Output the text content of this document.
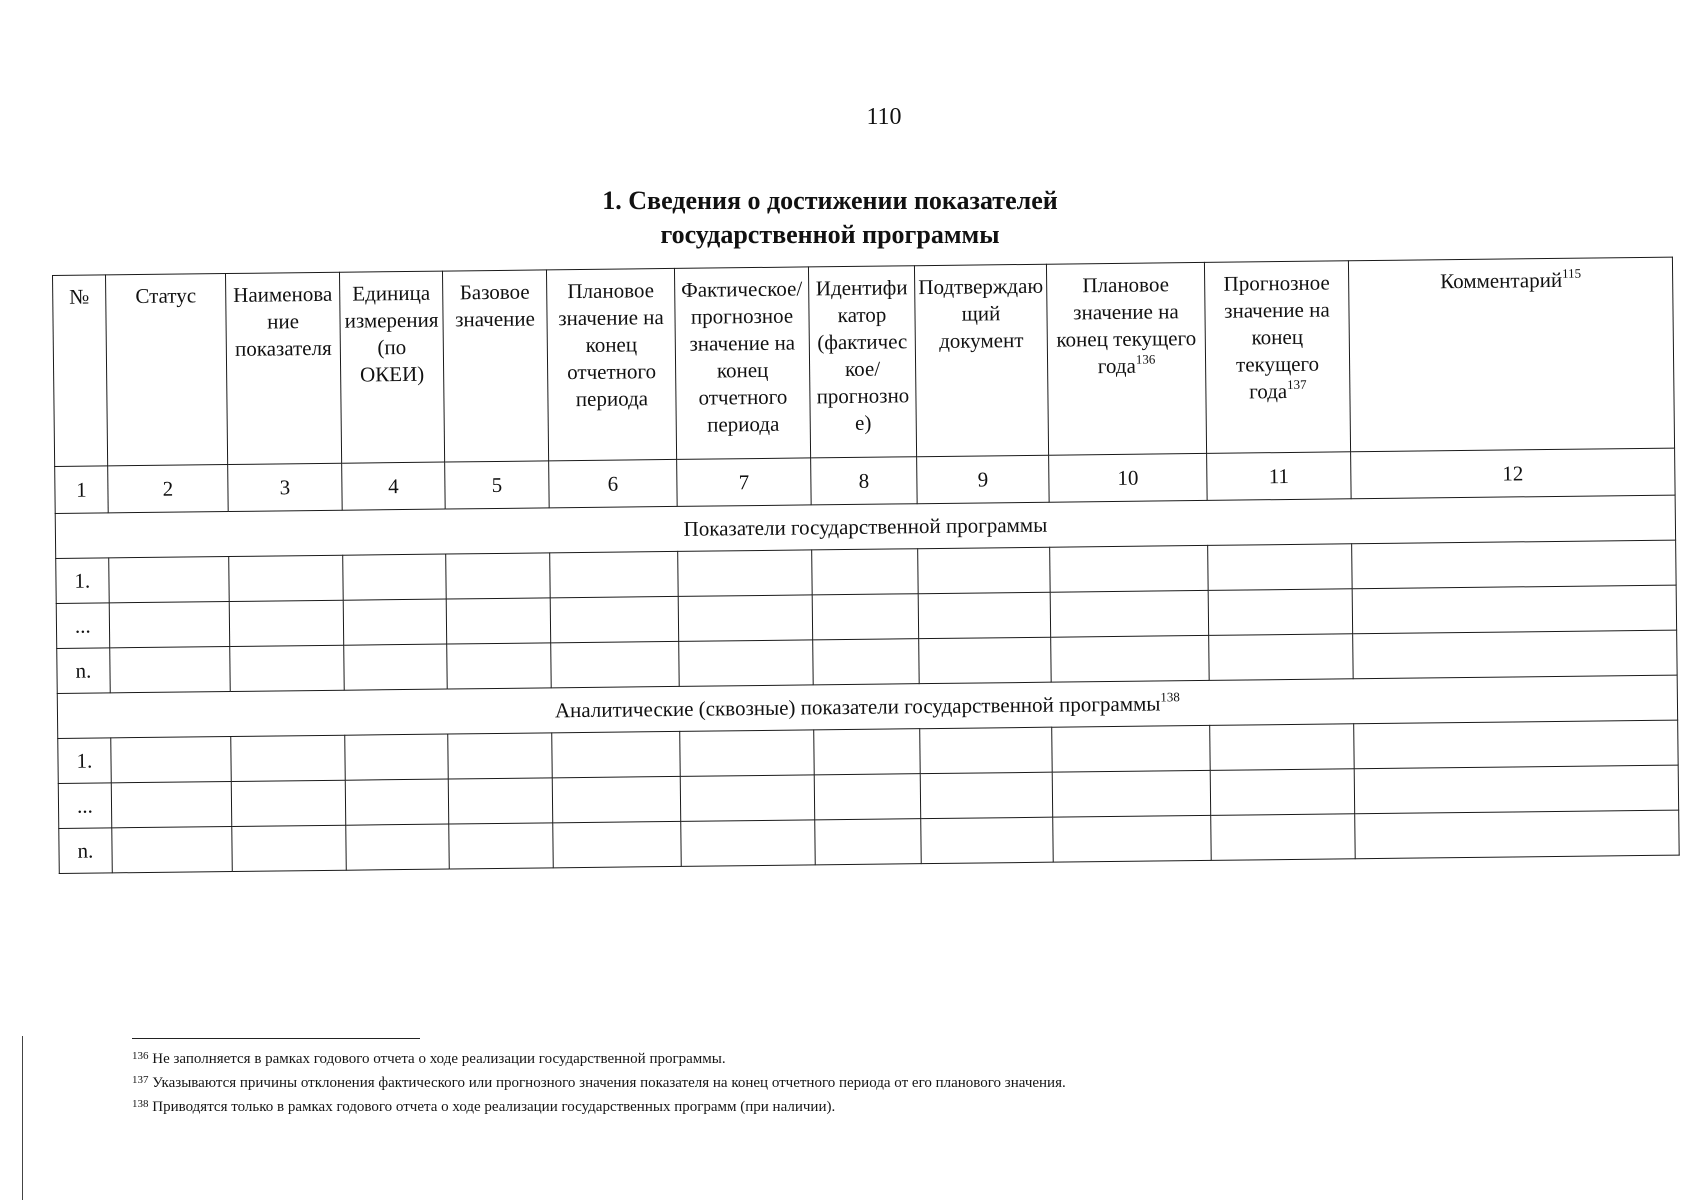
110
1. Сведения о достижении показателей
государственной программы
№	Статус	Наименование показателя	Единица измерения (по ОКЕИ)	Базовое значение	Плановое значение на конец отчетного периода	Фактическое/прогнозное значение на конец отчетного периода	Идентификатор (фактическое/прогнозное)	Подтверждающий документ	Плановое значение на конец текущего года$^{136}$	Прогнозное значение на конец текущего года$^{137}$	Комментарий$^{115}$
1	2	3	4	5	6	7	8	9	10	11	12
Показатели государственной программы											
1.											
...											
n.											
Аналитические (сквозные) показатели государственной программы$^{138}$
1.											
...											
n.											
$^{136}$ Не заполняется в рамках годового отчета о ходе реализации государственной программы.
$^{137}$ Указываются причины отклонения фактического или прогнозного значения показателя на конец отчетного периода от его планового значения.
$^{138}$ Приводятся только в рамках годового отчета о ходе реализации государственных программ (при наличии).
